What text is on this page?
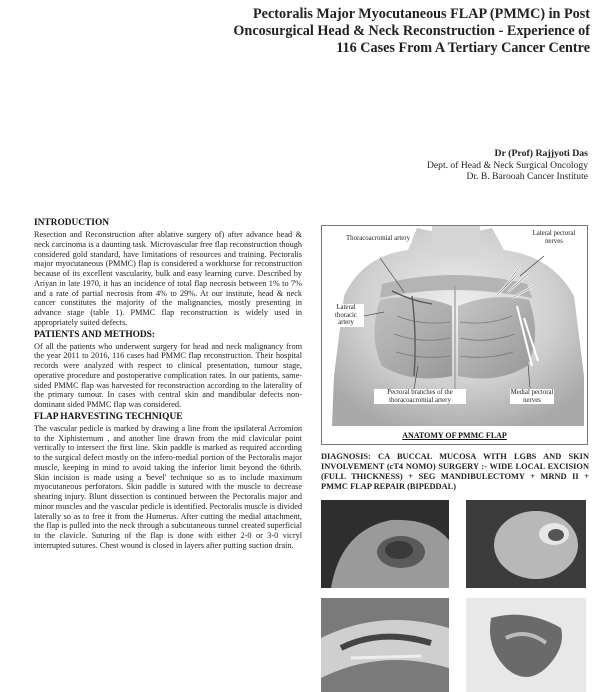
Pectoralis Major Myocutaneous FLAP (PMMC) in Post
Oncosurgical Head & Neck Reconstruction - Experience of
116 Cases From A Tertiary Cancer Centre
Dr (Prof) Rajjyoti Das
Dept. of Head & Neck Surgical Oncology
Dr. B. Barooah Cancer Institute
INTRODUCTION

Resection and Reconstruction after ablative surgery of) after advance head & neck carcinoma is a daunting task. Microvascular free flap reconstruction though considered gold standard, have limitations of resources and training. Pectoralis major myocutaneous (PMMC) flap is considered a workhorse for reconstruction because of its excellent vascularity, bulk and easy learning curve. Described by Ariyan in late 1970, it has an incidence of total flap necrosis between 1% to 7% and a rate of partial necrosis from 4% to 29%. At our institute, head & neck cancer constitutes the majority of the malignancies, mostly presenting in advance stage (table 1). PMMC flap reconstruction is widely used in appropriately suited defects.

PATIENTS AND METHODS:

Of all the patients who underwent surgery for head and neck malignancy from the year 2011 to 2016, 116 cases had PMMC flap reconstruction. Their hospital records were analyzed with respect to clinical presentation, tumour stage, operative procedure and postoperative complication rates. In our patients, same-sided PMMC flap was harvested for reconstruction according to the laterality of the primary tumour. In cases with central skin and mandibular defects non-dominant sided PMMC flap was considered.

FLAP HARVESTING TECHNIQUE

The vascular pedicle is marked by drawing a line from the ipsilateral Acromion to the Xiphisternum , and another line drawn from the mid clavicular point vertically to intersect the first line. Skin paddle is marked as required according to the surgical defect mostly on the infero-medial portion of the Pectoralis major muscle, keeping in mind to avoid taking the inferior limit beyond the 6thrib. Skin incision is made using a 'bevel' technique so as to include maximum myocutaneous perforators. Skin paddle is sutured with the muscle to decrease shearing injury. Blunt dissection is continued between the Pectoralis major and minor muscles and the vascular pedicle is identified. Pectoralis muscle is divided laterally so as to free it from the Humerus. After cutting the medial attachment, the flap is pulled into the neck through a subcutaneous tunnel created superficial to the clavicle. Suturing of the flap is done with either 2-0 or 3-0 vicryl interrupted sutures. Chest wound is closed in layers after putting suction drain.

Thoracoacromial artery
Lateral pectoral nerves
Lateral thoracic artery
Pectoral branches of the thoracoacromial artery
Medial pectoral nerves
ANATOMY OF PMMC FLAP
DIAGNOSIS: CA BUCCAL MUCOSA WITH LGBS AND SKIN INVOLVEMENT (cT4 NOMO) SURGERY :- WIDE LOCAL EXCISION (FULL THICKNESS) + SEG MANDIBULECTOMY + MRND II + PMMC FLAP REPAIR (BIPEDDAL)
